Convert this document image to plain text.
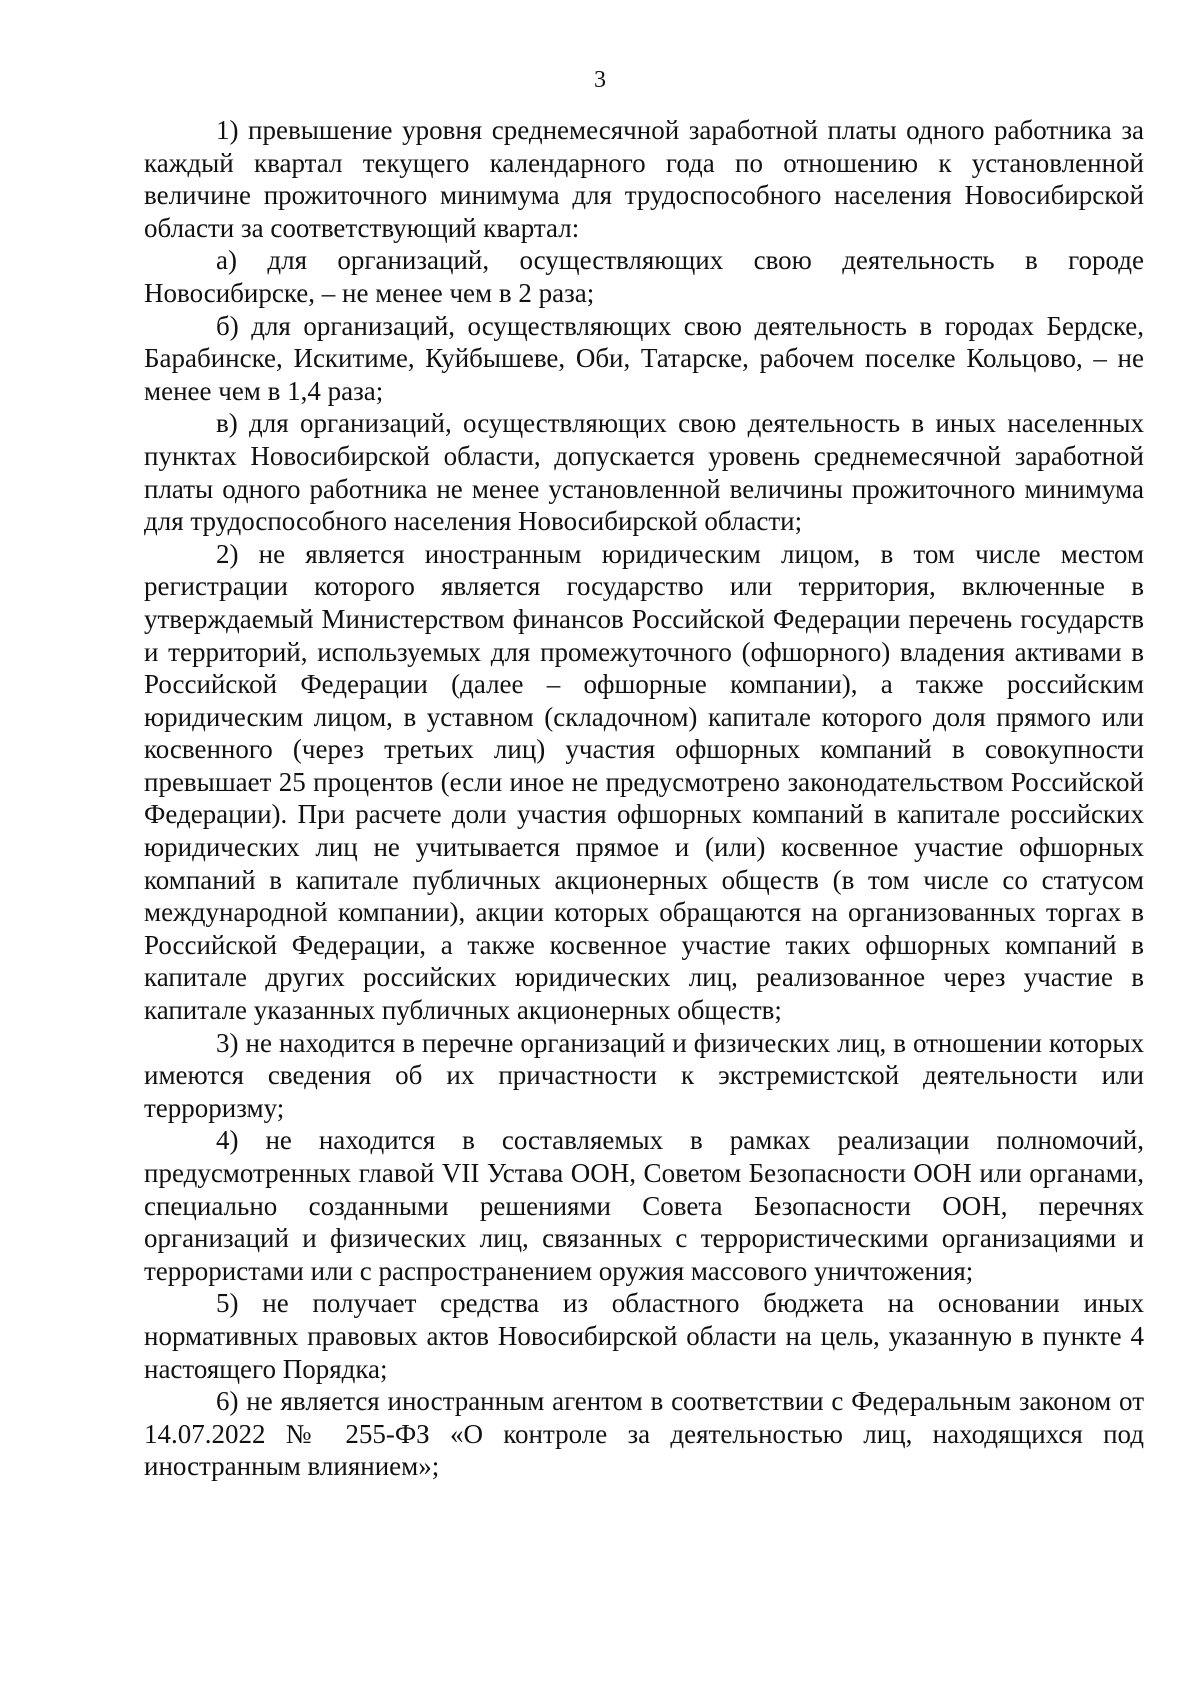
3

1) превышение уровня среднемесячной заработной платы одного работника за каждый квартал текущего календарного года по отношению к установленной величине прожиточного минимума для трудоспособного населения Новосибирской области за соответствующий квартал:

а) для организаций, осуществляющих свою деятельность в городе Новосибирске, – не менее чем в 2 раза;

б) для организаций, осуществляющих свою деятельность в городах Бердске, Барабинске, Искитиме, Куйбышеве, Оби, Татарске, рабочем поселке Кольцово, – не менее чем в 1,4 раза;

в) для организаций, осуществляющих свою деятельность в иных населенных пунктах Новосибирской области, допускается уровень среднемесячной заработной платы одного работника не менее установленной величины прожиточного минимума для трудоспособного населения Новосибирской области;

2) не является иностранным юридическим лицом, в том числе местом регистрации которого является государство или территория, включенные в утверждаемый Министерством финансов Российской Федерации перечень государств и территорий, используемых для промежуточного (офшорного) владения активами в Российской Федерации (далее – офшорные компании), а также российским юридическим лицом, в уставном (складочном) капитале которого доля прямого или косвенного (через третьих лиц) участия офшорных компаний в совокупности превышает 25 процентов (если иное не предусмотрено законодательством Российской Федерации). При расчете доли участия офшорных компаний в капитале российских юридических лиц не учитывается прямое и (или) косвенное участие офшорных компаний в капитале публичных акционерных обществ (в том числе со статусом международной компании), акции которых обращаются на организованных торгах в Российской Федерации, а также косвенное участие таких офшорных компаний в капитале других российских юридических лиц, реализованное через участие в капитале указанных публичных акционерных обществ;

3) не находится в перечне организаций и физических лиц, в отношении которых имеются сведения об их причастности к экстремистской деятельности или терроризму;

4) не находится в составляемых в рамках реализации полномочий, предусмотренных главой VII Устава ООН, Советом Безопасности ООН или органами, специально созданными решениями Совета Безопасности ООН, перечнях организаций и физических лиц, связанных с террористическими организациями и террористами или с распространением оружия массового уничтожения;

5) не получает средства из областного бюджета на основании иных нормативных правовых актов Новосибирской области на цель, указанную в пункте 4 настоящего Порядка;

6) не является иностранным агентом в соответствии с Федеральным законом от 14.07.2022 № 255-ФЗ «О контроле за деятельностью лиц, находящихся под иностранным влиянием»;
